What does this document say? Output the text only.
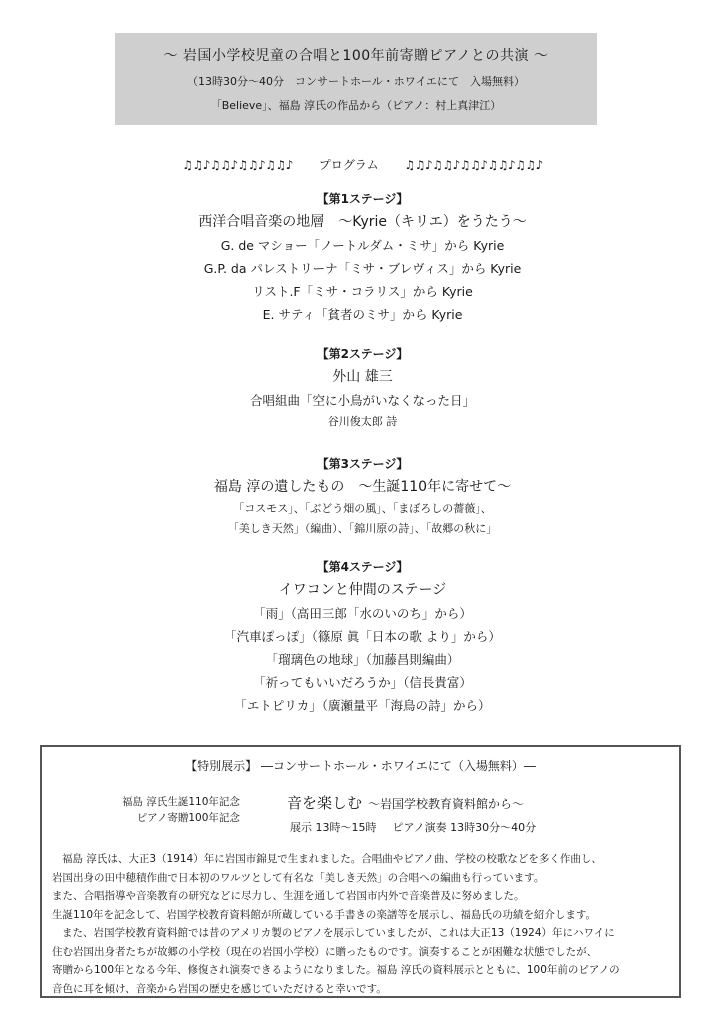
～ 岩国小学校児童の合唱と100年前寄贈ピアノとの共演 ～
（13時30分～40分　コンサートホール・ホワイエにて　入場無料）
「Believe」、福島 淳氏の作品から（ピアノ：村上真津江）
♫♫♪♫♫♪♫♫♪♫♫♪ プログラム ♫♫♪♫♫♪♫♫♪♫♫♪♫♫♪
【第1ステージ】
西洋合唱音楽の地層　～Kyrie（キリエ）をうたう～
G. de マショー「ノートルダム・ミサ」から Kyrie
G.P. da パレストリーナ「ミサ・ブレヴィス」から Kyrie
リスト.F「ミサ・コラリス」から Kyrie
E. サティ「貧者のミサ」から Kyrie
【第2ステージ】
外山 雄三
合唱組曲「空に小鳥がいなくなった日」
谷川俊太郎 詩
【第3ステージ】
福島 淳の遺したもの　～生誕110年に寄せて～
「コスモス」、「ぶどう畑の風」、「まぼろしの薔薇」、
「美しき天然」（編曲）、「錦川原の詩」、「故郷の秋に」
【第4ステージ】
イワコンと仲間のステージ
「雨」（高田三郎「水のいのち」から）
「汽車ぽっぽ」（篠原 眞「日本の歌 より」から）
「瑠璃色の地球」（加藤昌則編曲）
「祈ってもいいだろうか」（信長貴富）
「エトピリカ」（廣瀬量平「海鳥の詩」から）
【特別展示】 ―コンサートホール・ホワイエにて（入場無料）―
福島 淳氏生誕110年記念
ピアノ寄贈100年記念
音を楽しむ ～岩国学校教育資料館から～
展示 13時～15時 ピアノ演奏 13時30分～40分

福島 淳氏は、大正3（1914）年に岩国市錦見で生まれました。合唱曲やピアノ曲、学校の校歌などを多く作曲し、

岩国出身の田中穂積作曲で日本初のワルツとして有名な「美しき天然」の合唱への編曲も行っています。

また、合唱指導や音楽教育の研究などに尽力し、生涯を通して岩国市内外で音楽普及に努めました。

生誕110年を記念して、岩国学校教育資料館が所蔵している手書きの楽譜等を展示し、福島氏の功績を紹介します。

また、岩国学校教育資料館では昔のアメリカ製のピアノを展示していましたが、これは大正13（1924）年にハワイに

住む岩国出身者たちが故郷の小学校（現在の岩国小学校）に贈ったものです。演奏することが困難な状態でしたが、

寄贈から100年となる今年、修復され演奏できるようになりました。福島 淳氏の資料展示とともに、100年前のピアノの

音色に耳を傾け、音楽から岩国の歴史を感じていただけると幸いです。
